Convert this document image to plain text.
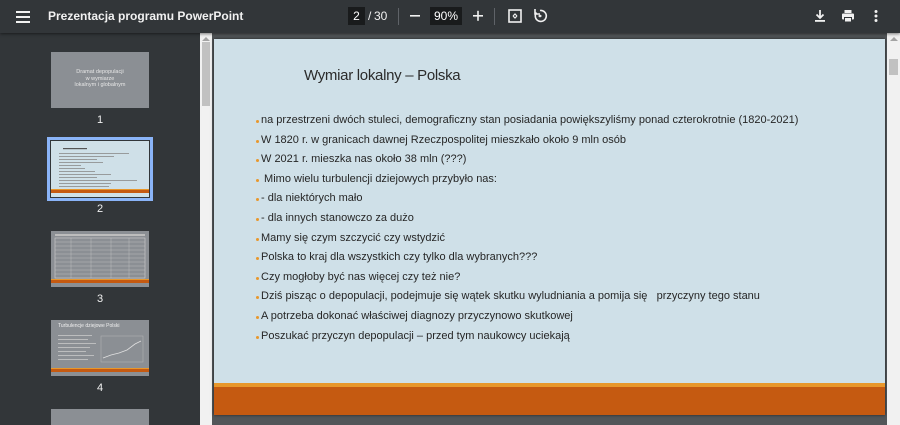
Prezentacja programu PowerPoint	2 / 30	90%
Dramat depopulacji
w wymiarze
lokalnym i globalnym
1
2
3
Turbulencje dziejowe Polski
4
Wymiar lokalny – Polska
na przestrzeni dwóch stuleci, demograficzny stan posiadania powiększyliśmy ponad czterokrotnie (1820-2021)
W 1820 r. w granicach dawnej Rzeczpospolitej mieszkało około 9 mln osób
W 2021 r. mieszka nas około 38 mln (???)
Mimo wielu turbulencji dziejowych przybyło nas:
- dla niektórych mało
- dla innych stanowczo za dużo
Mamy się czym szczycić czy wstydzić
Polska to kraj dla wszystkich czy tylko dla wybranych???
Czy mogłoby być nas więcej czy też nie?
Dziś pisząc o depopulacji, podejmuje się wątek skutku wyludniania a pomija się   przyczyny tego stanu
A potrzeba dokonać właściwej diagnozy przyczynowo skutkowej
Poszukać przyczyn depopulacji – przed tym naukowcy uciekają
